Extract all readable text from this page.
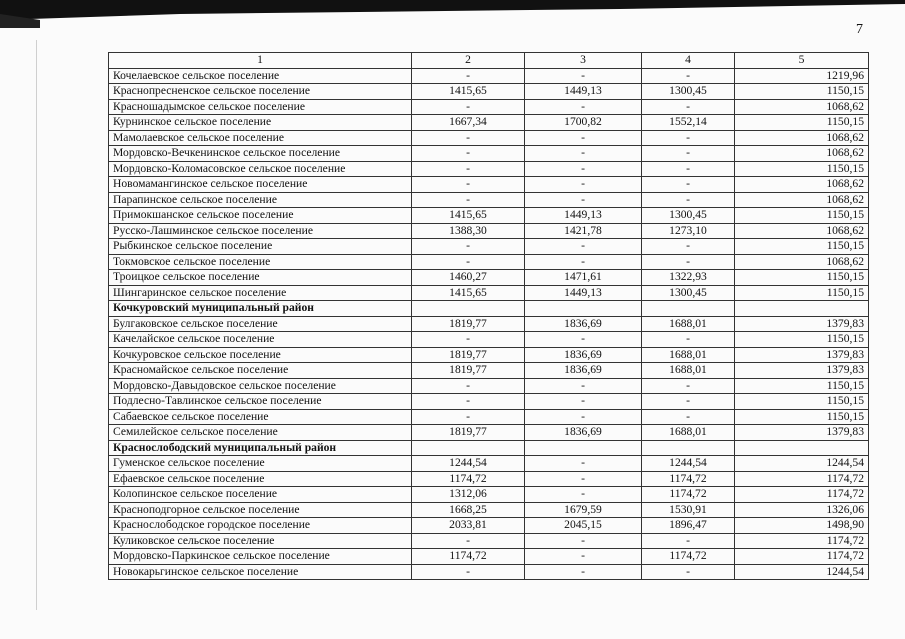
7
1	2	3	4	5
Кочелаевское сельское поселение	-	-	-	1219,96
Краснопресненское сельское поселение	1415,65	1449,13	1300,45	1150,15
Красношадымское сельское поселение	-	-	-	1068,62
Курнинское сельское поселение	1667,34	1700,82	1552,14	1150,15
Мамолаевское сельское поселение	-	-	-	1068,62
Мордовско-Вечкенинское сельское поселение	-	-	-	1068,62
Мордовско-Коломасовское сельское поселение	-	-	-	1150,15
Новомамангинское сельское поселение	-	-	-	1068,62
Парапинское сельское поселение	-	-	-	1068,62
Примокшанское сельское поселение	1415,65	1449,13	1300,45	1150,15
Русско-Лашминское сельское поселение	1388,30	1421,78	1273,10	1068,62
Рыбкинское сельское поселение	-	-	-	1150,15
Токмовское сельское поселение	-	-	-	1068,62
Троицкое сельское поселение	1460,27	1471,61	1322,93	1150,15
Шингаринское сельское поселение	1415,65	1449,13	1300,45	1150,15
Кочкуровский муниципальный район				
Булгаковское сельское поселение	1819,77	1836,69	1688,01	1379,83
Качелайское сельское поселение	-	-	-	1150,15
Кочкуровское сельское поселение	1819,77	1836,69	1688,01	1379,83
Красномайское сельское поселение	1819,77	1836,69	1688,01	1379,83
Мордовско-Давыдовское сельское поселение	-	-	-	1150,15
Подлесно-Тавлинское сельское поселение	-	-	-	1150,15
Сабаевское сельское поселение	-	-	-	1150,15
Семилейское сельское поселение	1819,77	1836,69	1688,01	1379,83
Краснослободский муниципальный район				
Гуменское сельское поселение	1244,54	-	1244,54	1244,54
Ефаевское сельское поселение	1174,72	-	1174,72	1174,72
Колопинское сельское поселение	1312,06	-	1174,72	1174,72
Красноподгорное сельское поселение	1668,25	1679,59	1530,91	1326,06
Краснослободское городское поселение	2033,81	2045,15	1896,47	1498,90
Куликовское сельское поселение	-	-	-	1174,72
Мордовско-Паркинское сельское поселение	1174,72	-	1174,72	1174,72
Новокарьгинское сельское поселение	-	-	-	1244,54
